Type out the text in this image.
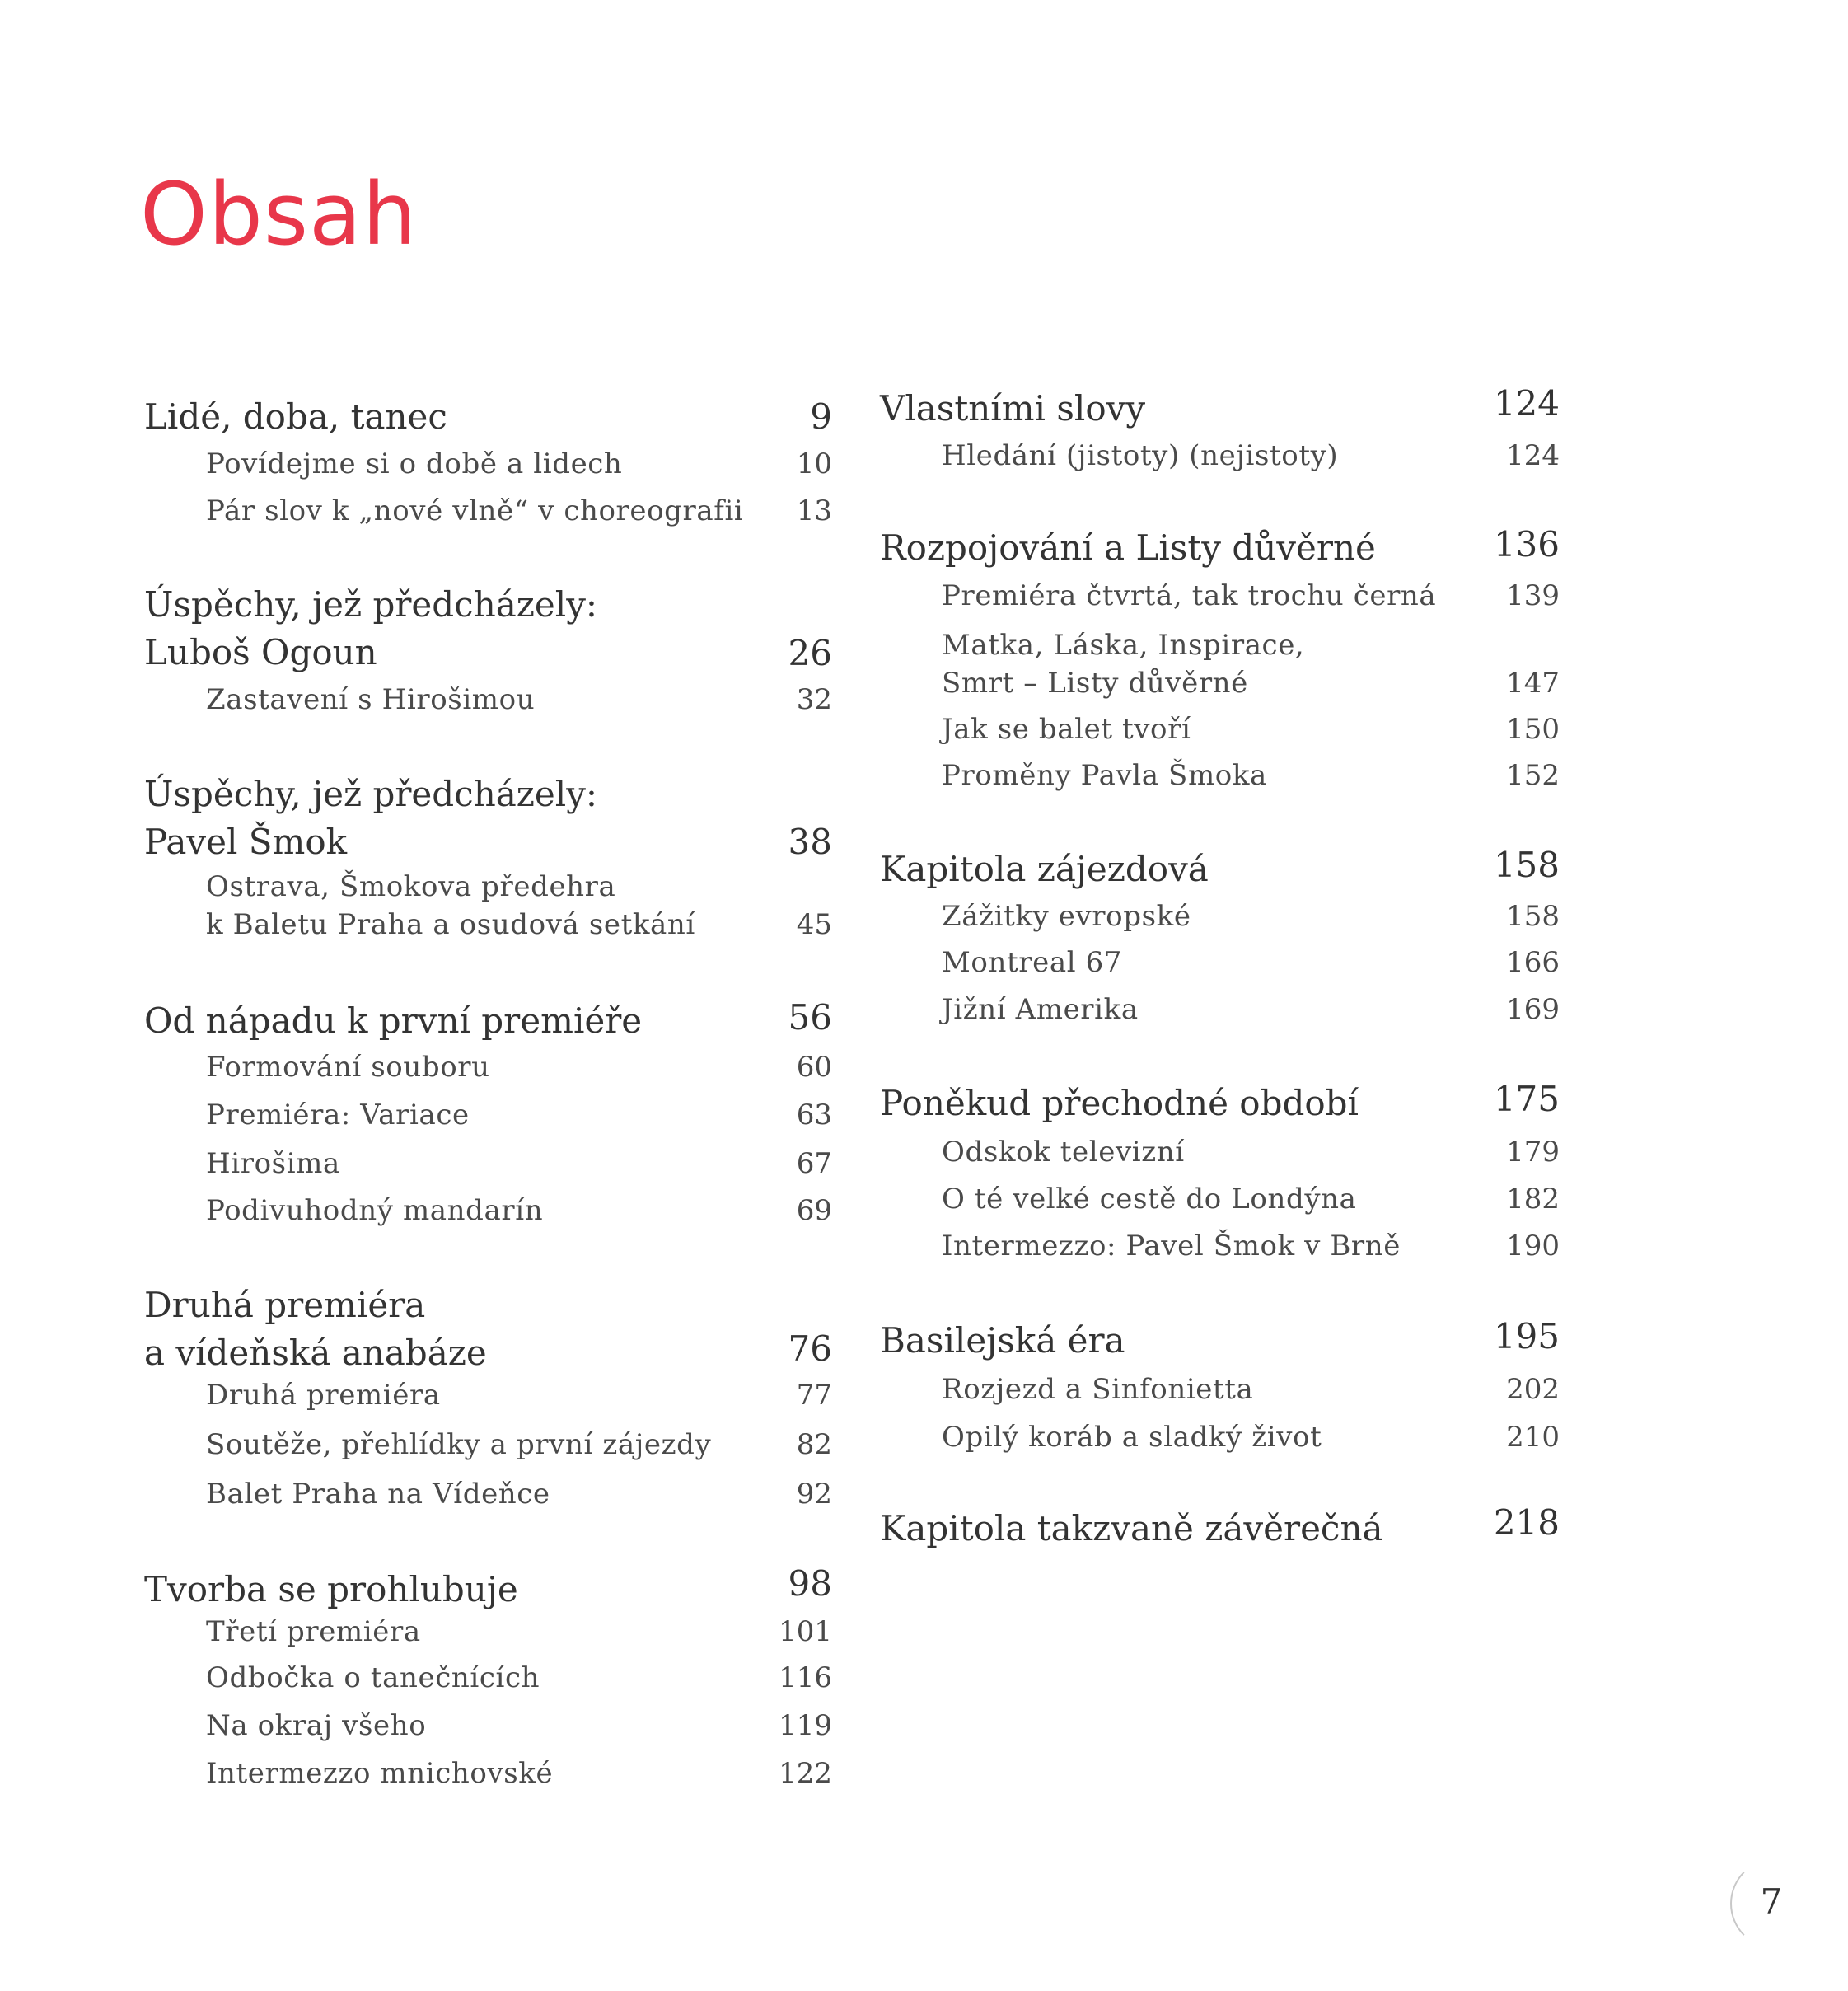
Obsah
Lidé, doba, tanec	9
Povídejme si o době a lidech	10
Pár slov k „nové vlně“ v choreografii 13
Úspěchy, jež předcházely:
Luboš Ogoun	26
Zastavení s Hirošimou	32
Úspěchy, jež předcházely:
Pavel Šmok	38
Ostrava, Šmokova předehra
k Baletu Praha a osudová setkání	45
Od nápadu k první premiéře	56
Formování souboru	60
Premiéra: Variace	63
Hirošima	67
Podivuhodný mandarín	69
Druhá premiéra
a vídeňská anabáze	76
Druhá premiéra	77
Soutěže, přehlídky a první zájezdy	82
Balet Praha na Vídeňce	92
Tvorba se prohlubuje	98
Třetí premiéra	101
Odbočka o tanečnících	116
Na okraj všeho	119
Intermezzo mnichovské	122
Vlastními slovy	124
Hledání (jistoty) (nejistoty)	124
Rozpojování a Listy důvěrné	136
Premiéra čtvrtá, tak trochu černá 139
Matka, Láska, Inspirace,
Smrt – Listy důvěrné	147
Jak se balet tvoří	150
Proměny Pavla Šmoka	152
Kapitola zájezdová	158
Zážitky evropské	158
Montreal 67	166
Jižní Amerika	169
Poněkud přechodné období	175
Odskok televizní	179
O té velké cestě do Londýna	182
Intermezzo: Pavel Šmok v Brně	190
Basilejská éra	195
Rozjezd a Sinfonietta	202
Opilý koráb a sladký život	210
Kapitola takzvaně závěrečná	218
7
